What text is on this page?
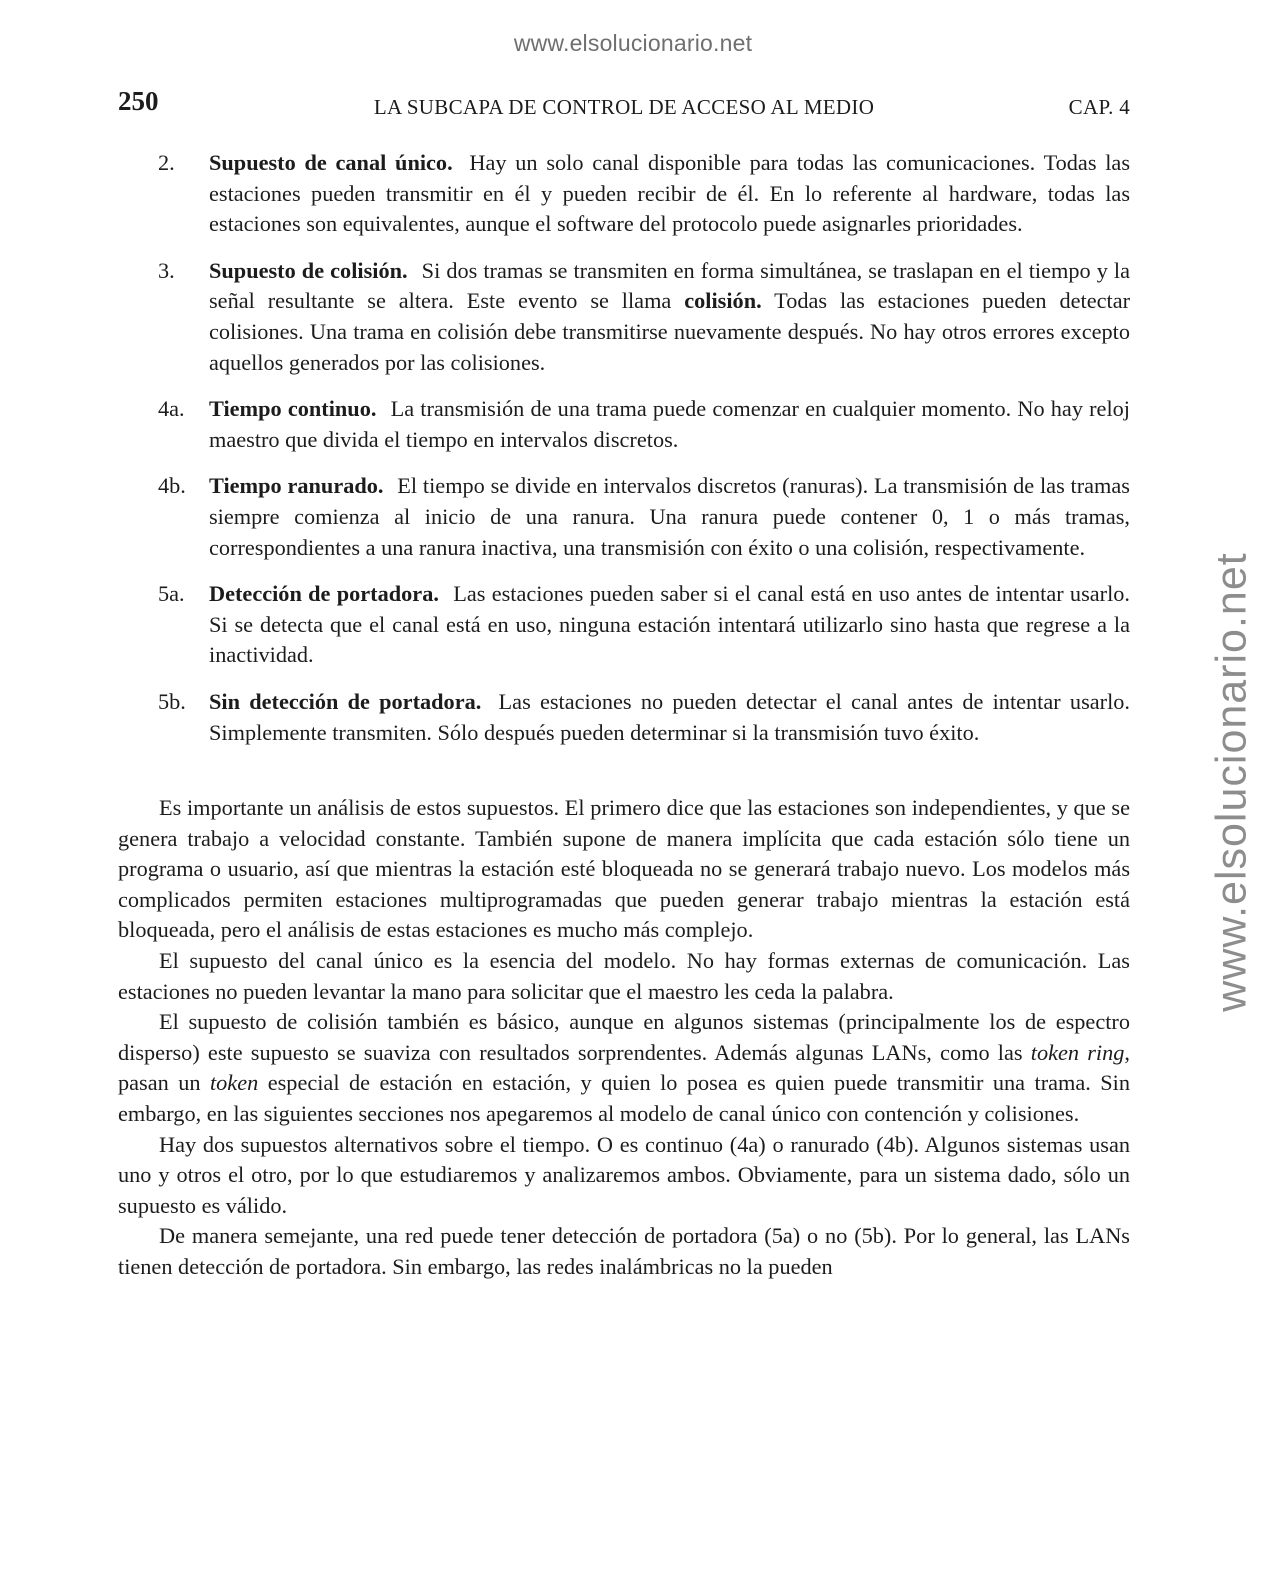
www.elsolucionario.net
www.elsolucionario.net
250	LA SUBCAPA DE CONTROL DE ACCESO AL MEDIO	CAP. 4
2. Supuesto de canal único. Hay un solo canal disponible para todas las comunicaciones. Todas las estaciones pueden transmitir en él y pueden recibir de él. En lo referente al hardware, todas las estaciones son equivalentes, aunque el software del protocolo puede asignarles prioridades.
3. Supuesto de colisión. Si dos tramas se transmiten en forma simultánea, se traslapan en el tiempo y la señal resultante se altera. Este evento se llama colisión. Todas las estaciones pueden detectar colisiones. Una trama en colisión debe transmitirse nuevamente después. No hay otros errores excepto aquellos generados por las colisiones.
4a. Tiempo continuo. La transmisión de una trama puede comenzar en cualquier momento. No hay reloj maestro que divida el tiempo en intervalos discretos.
4b. Tiempo ranurado. El tiempo se divide en intervalos discretos (ranuras). La transmisión de las tramas siempre comienza al inicio de una ranura. Una ranura puede contener 0, 1 o más tramas, correspondientes a una ranura inactiva, una transmisión con éxito o una colisión, respectivamente.
5a. Detección de portadora. Las estaciones pueden saber si el canal está en uso antes de intentar usarlo. Si se detecta que el canal está en uso, ninguna estación intentará utilizarlo sino hasta que regrese a la inactividad.
5b. Sin detección de portadora. Las estaciones no pueden detectar el canal antes de intentar usarlo. Simplemente transmiten. Sólo después pueden determinar si la transmisión tuvo éxito.

Es importante un análisis de estos supuestos. El primero dice que las estaciones son independientes, y que se genera trabajo a velocidad constante. También supone de manera implícita que cada estación sólo tiene un programa o usuario, así que mientras la estación esté bloqueada no se generará trabajo nuevo. Los modelos más complicados permiten estaciones multiprogramadas que pueden generar trabajo mientras la estación está bloqueada, pero el análisis de estas estaciones es mucho más complejo.

El supuesto del canal único es la esencia del modelo. No hay formas externas de comunicación. Las estaciones no pueden levantar la mano para solicitar que el maestro les ceda la palabra.

El supuesto de colisión también es básico, aunque en algunos sistemas (principalmente los de espectro disperso) este supuesto se suaviza con resultados sorprendentes. Además algunas LANs, como las token ring, pasan un token especial de estación en estación, y quien lo posea es quien puede transmitir una trama. Sin embargo, en las siguientes secciones nos apegaremos al modelo de canal único con contención y colisiones.

Hay dos supuestos alternativos sobre el tiempo. O es continuo (4a) o ranurado (4b). Algunos sistemas usan uno y otros el otro, por lo que estudiaremos y analizaremos ambos. Obviamente, para un sistema dado, sólo un supuesto es válido.

De manera semejante, una red puede tener detección de portadora (5a) o no (5b). Por lo general, las LANs tienen detección de portadora. Sin embargo, las redes inalámbricas no la pueden
